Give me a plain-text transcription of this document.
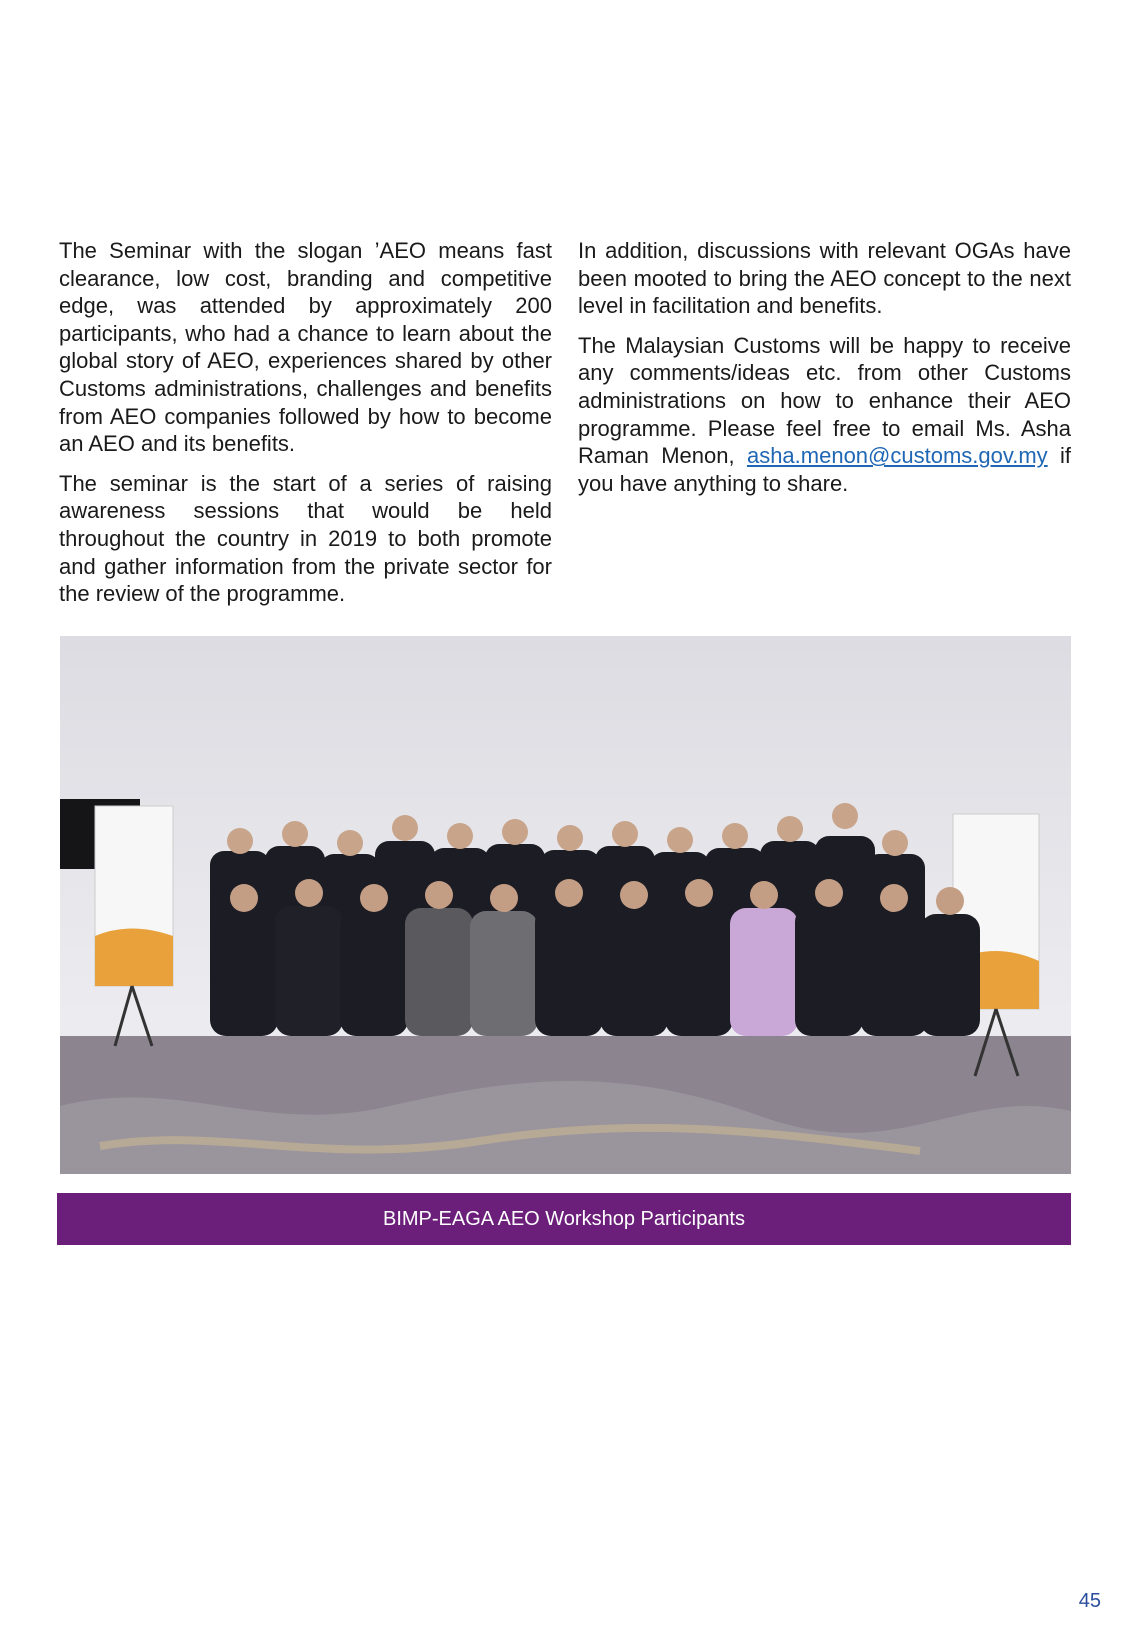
The Seminar with the slogan ’AEO means fast clearance, low cost, branding and competitive edge, was attended by approximately 200 participants, who had a chance to learn about the global story of AEO, experiences shared by other Customs administrations, challenges and benefits from AEO companies followed by how to become an AEO and its benefits.

The seminar is the start of a series of raising awareness sessions that would be held throughout the country in 2019 to both promote and gather information from the private sector for the review of the programme.

In addition, discussions with relevant OGAs have been mooted to bring the AEO concept to the next level in facilitation and benefits.

The Malaysian Customs will be happy to receive any comments/ideas etc. from other Customs administrations on how to enhance their AEO programme. Please feel free to email Ms. Asha Raman Menon, asha.menon@customs.gov.my if you have anything to share.

BIMP-EAGA AEO Workshop Participants
45
